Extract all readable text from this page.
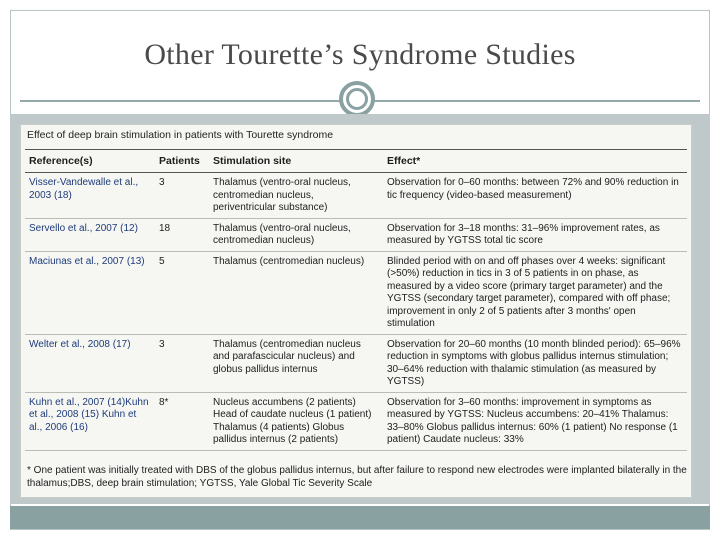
Other Tourette’s Syndrome Studies
Effect of deep brain stimulation in patients with Tourette syndrome
Reference(s)	Patients	Stimulation site	Effect*
Visser-Vandewalle et al., 2003 (18)	3	Thalamus (ventro-oral nucleus, centromedian nucleus, periventricular substance)	Observation for 0–60 months: between 72% and 90% reduction in tic frequency (video-based measurement)
Servello et al., 2007 (12)	18	Thalamus (ventro-oral nucleus, centromedian nucleus)	Observation for 3–18 months: 31–96% improvement rates, as measured by YGTSS total tic score
Maciunas et al., 2007 (13)	5	Thalamus (centromedian nucleus)	Blinded period with on and off phases over 4 weeks: significant (>50%) reduction in tics in 3 of 5 patients in on phase, as measured by a video score (primary target parameter) and the YGTSS (secondary target parameter), compared with off phase; improvement in only 2 of 5 patients after 3 months' open stimulation
Welter et al., 2008 (17)	3	Thalamus (centromedian nucleus and parafascicular nucleus) and globus pallidus internus	Observation for 20–60 months (10 month blinded period): 65–96% reduction in symptoms with globus pallidus internus stimulation; 30–64% reduction with thalamic stimulation (as measured by YGTSS)
Kuhn et al., 2007 (14)Kuhn et al., 2008 (15) Kuhn et al., 2006 (16)	8*	Nucleus accumbens (2 patients) Head of caudate nucleus (1 patient) Thalamus (4 patients) Globus pallidus internus (2 patients)	Observation for 3–60 months: improvement in symptoms as measured by YGTSS: Nucleus accumbens: 20–41% Thalamus: 33–80% Globus pallidus internus: 60% (1 patient) No response (1 patient) Caudate nucleus: 33%
* One patient was initially treated with DBS of the globus pallidus internus, but after failure to respond new electrodes were implanted bilaterally in the thalamus;DBS, deep brain stimulation; YGTSS, Yale Global Tic Severity Scale
